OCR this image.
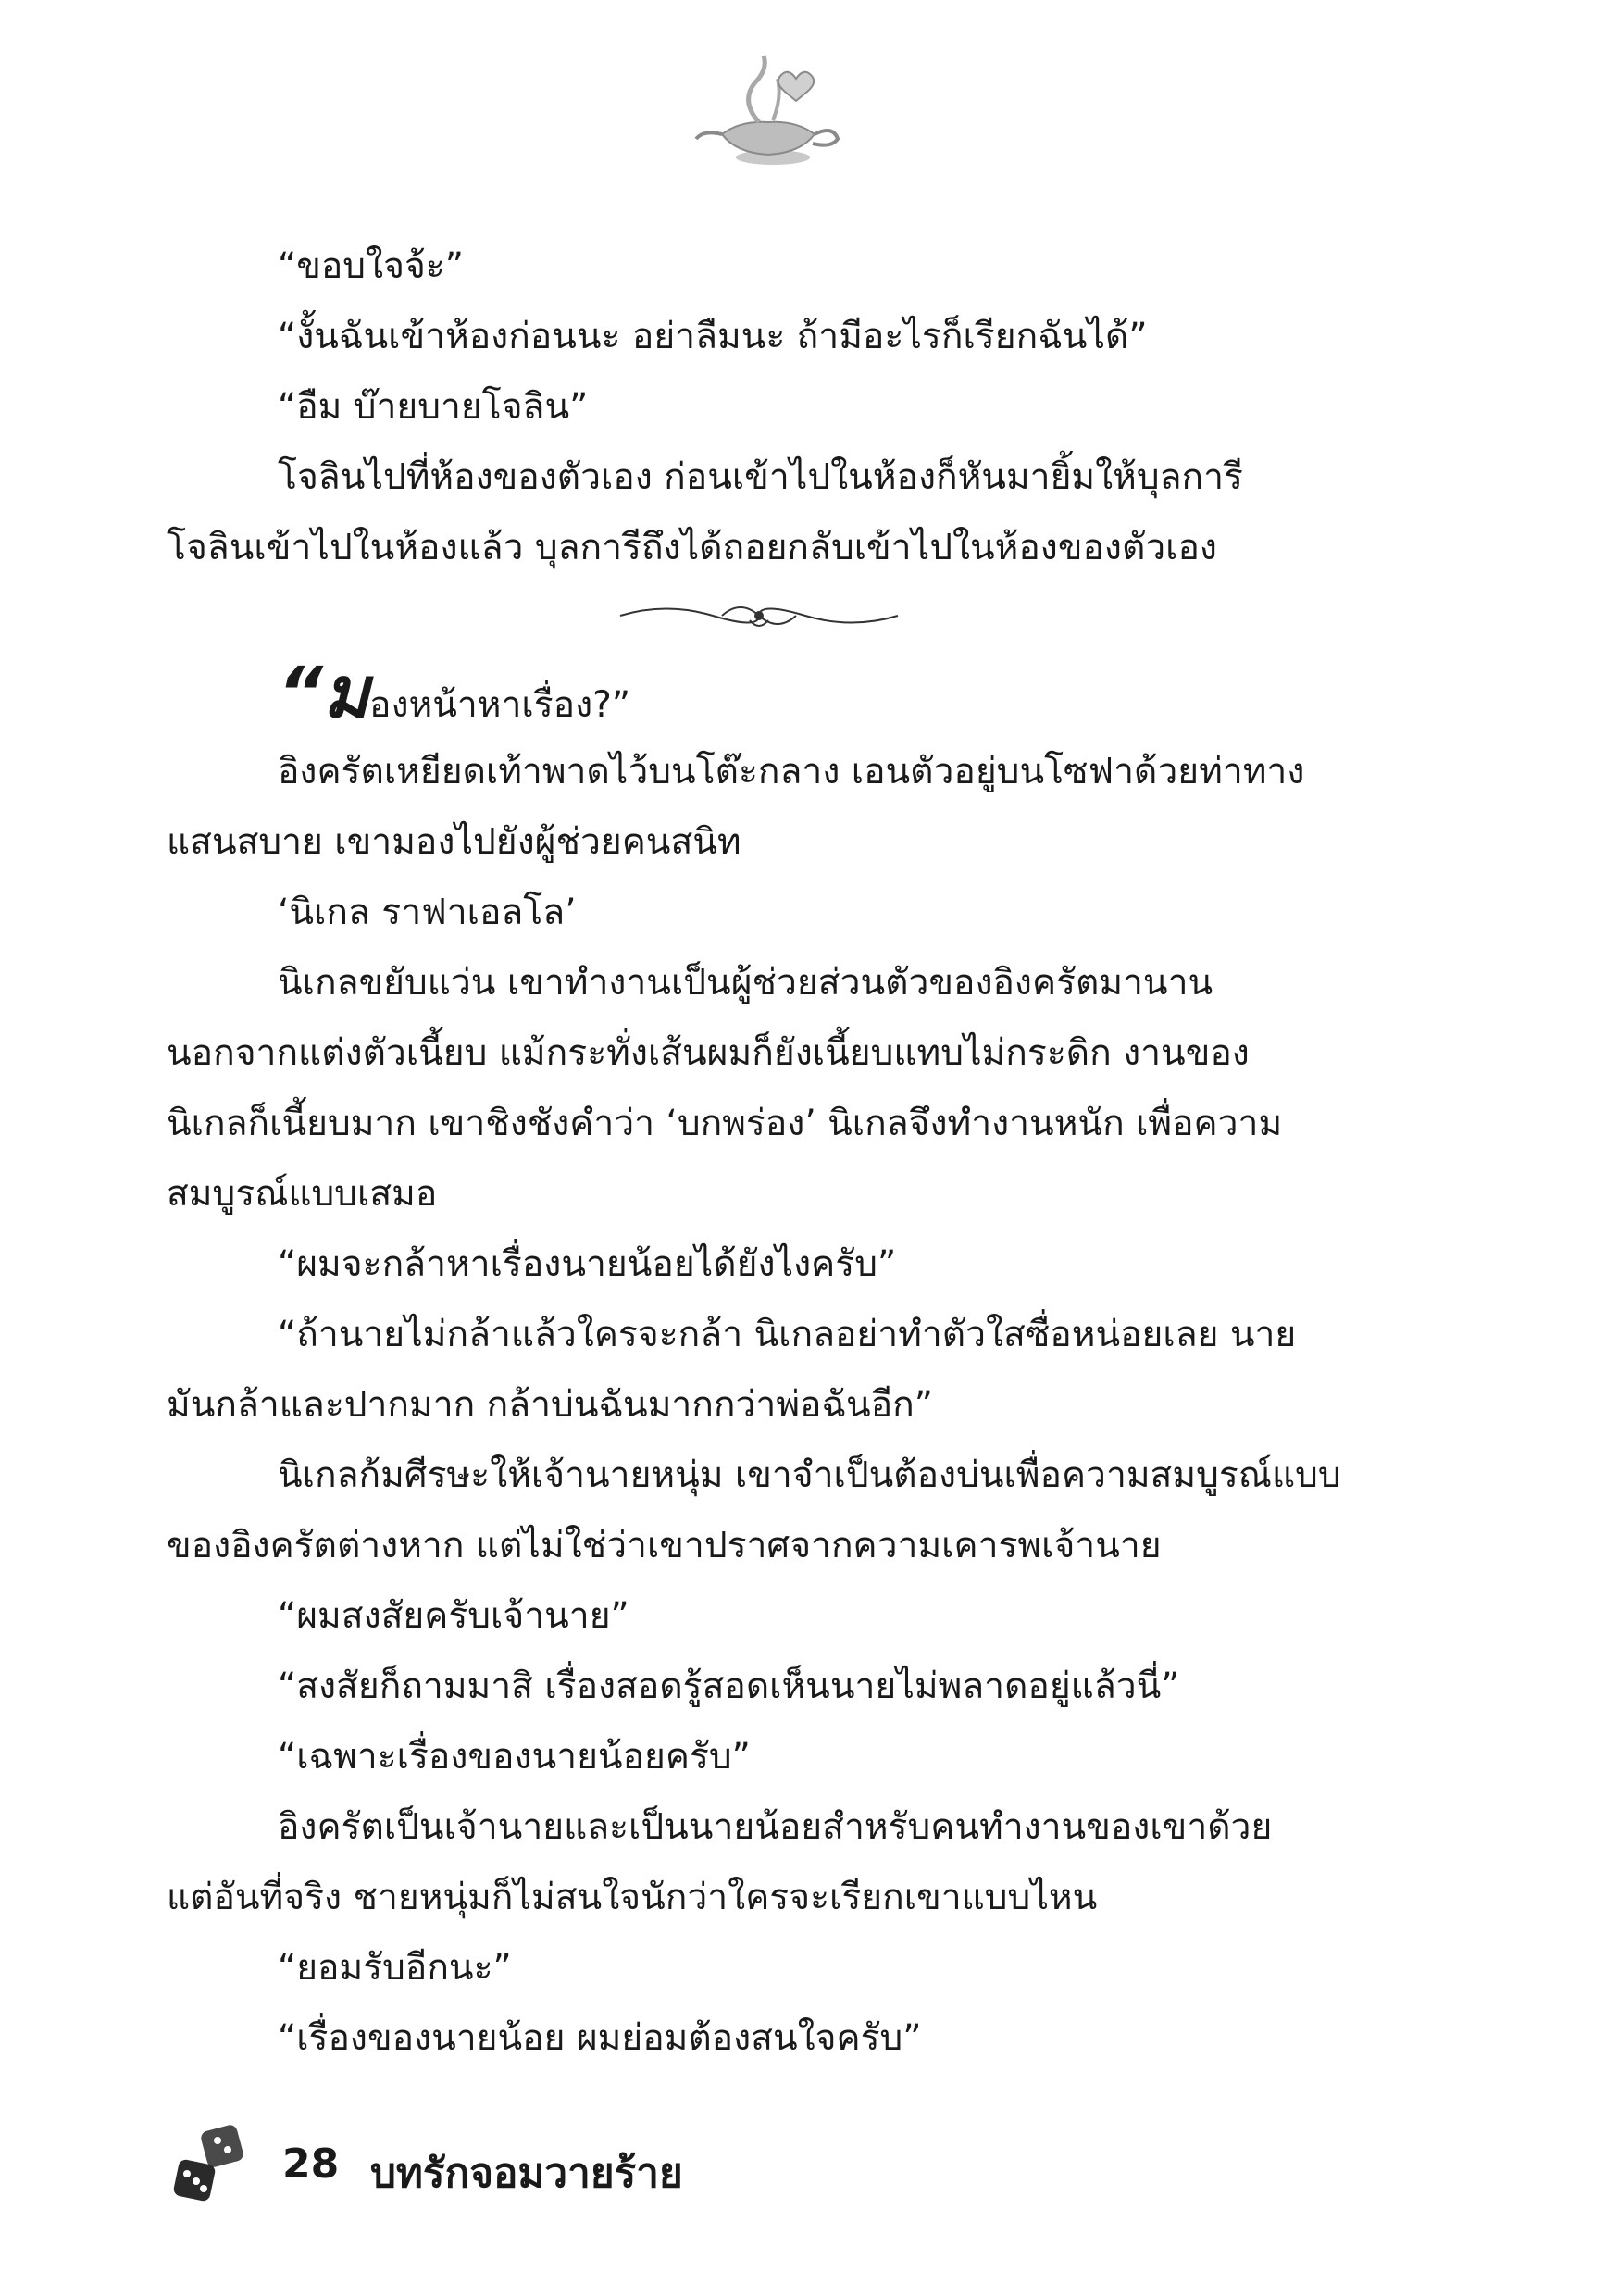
“ขอบใจจ้ะ”
“งั้นฉันเข้าห้องก่อนนะ อย่าลืมนะ ถ้ามีอะไรก็เรียกฉันได้”
“อืม บ๊ายบายโจลิน”
โจลินไปที่ห้องของตัวเอง ก่อนเข้าไปในห้องก็หันมายิ้มให้บุลการี
โจลินเข้าไปในห้องแล้ว บุลการีถึงได้ถอยกลับเข้าไปในห้องของตัวเอง
“มองหน้าหาเรื่อง?”
อิงครัตเหยียดเท้าพาดไว้บนโต๊ะกลาง เอนตัวอยู่บนโซฟาด้วยท่าทาง
แสนสบาย เขามองไปยังผู้ช่วยคนสนิท
‘นิเกล ราฟาเอลโล’
นิเกลขยับแว่น เขาทำงานเป็นผู้ช่วยส่วนตัวของอิงครัตมานาน
นอกจากแต่งตัวเนี้ยบ แม้กระทั่งเส้นผมก็ยังเนี้ยบแทบไม่กระดิก งานของ
นิเกลก็เนี้ยบมาก เขาชิงชังคำว่า ‘บกพร่อง’ นิเกลจึงทำงานหนัก เพื่อความ
สมบูรณ์แบบเสมอ
“ผมจะกล้าหาเรื่องนายน้อยได้ยังไงครับ”
“ถ้านายไม่กล้าแล้วใครจะกล้า นิเกลอย่าทำตัวใสซื่อหน่อยเลย นาย
มันกล้าและปากมาก กล้าบ่นฉันมากกว่าพ่อฉันอีก”
นิเกลก้มศีรษะให้เจ้านายหนุ่ม เขาจำเป็นต้องบ่นเพื่อความสมบูรณ์แบบ
ของอิงครัตต่างหาก แต่ไม่ใช่ว่าเขาปราศจากความเคารพเจ้านาย
“ผมสงสัยครับเจ้านาย”
“สงสัยก็ถามมาสิ เรื่องสอดรู้สอดเห็นนายไม่พลาดอยู่แล้วนี่”
“เฉพาะเรื่องของนายน้อยครับ”
อิงครัตเป็นเจ้านายและเป็นนายน้อยสำหรับคนทำงานของเขาด้วย
แต่อันที่จริง ชายหนุ่มก็ไม่สนใจนักว่าใครจะเรียกเขาแบบไหน
“ยอมรับอีกนะ”
“เรื่องของนายน้อย ผมย่อมต้องสนใจครับ”
28 บทรักจอมวายร้าย
